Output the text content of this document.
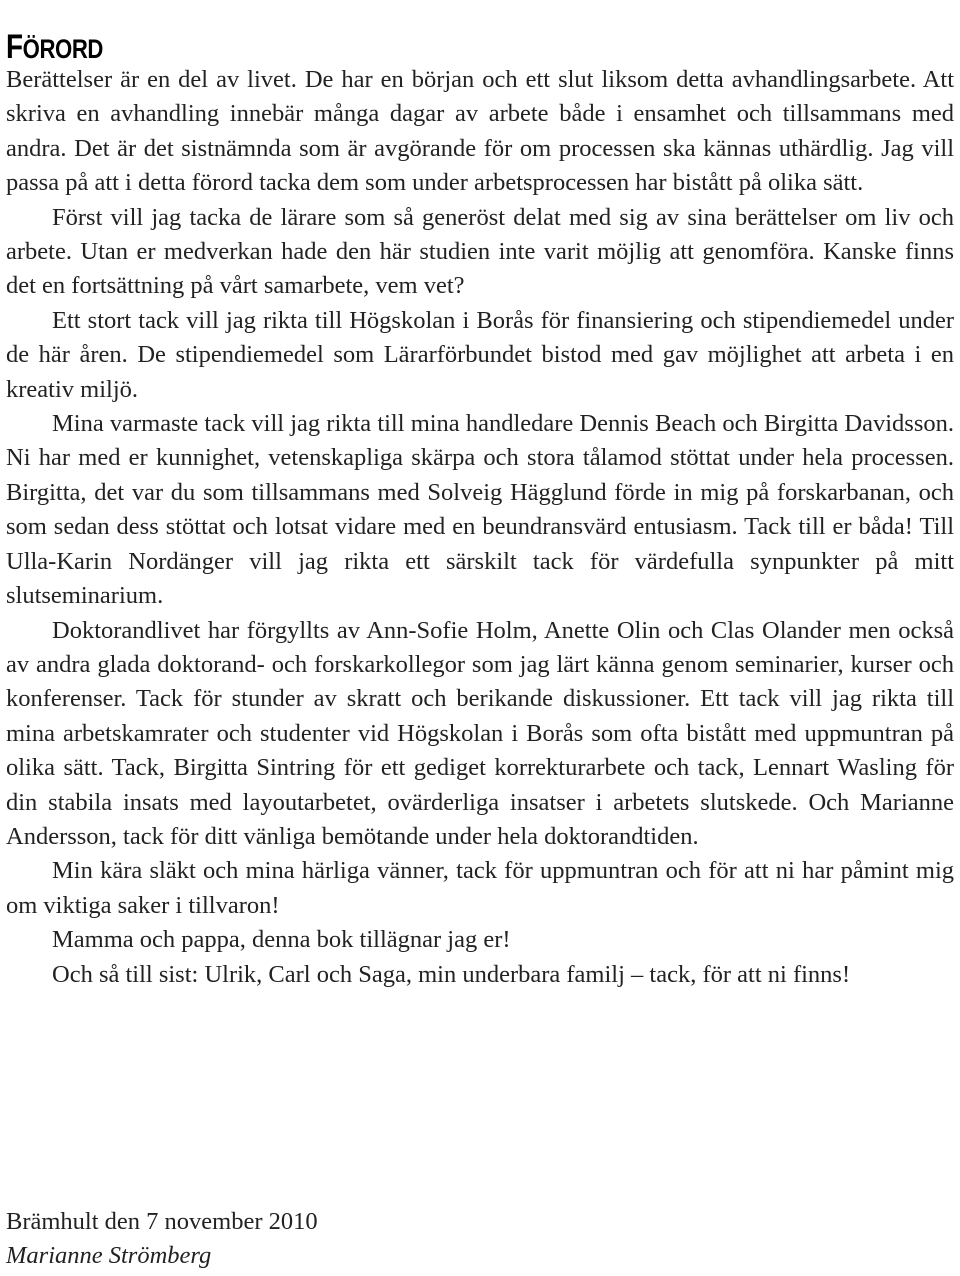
FÖRORD

Berättelser är en del av livet. De har en början och ett slut liksom detta avhandlingsarbete. Att skriva en avhandling innebär många dagar av arbete både i ensamhet och tillsammans med andra. Det är det sistnämnda som är avgörande för om processen ska kännas uthärdlig. Jag vill passa på att i detta förord tacka dem som under arbetsprocessen har bistått på olika sätt.

Först vill jag tacka de lärare som så generöst delat med sig av sina berättelser om liv och arbete. Utan er medverkan hade den här studien inte varit möjlig att genomföra. Kanske finns det en fortsättning på vårt samarbete, vem vet?

Ett stort tack vill jag rikta till Högskolan i Borås för finansiering och stipendiemedel under de här åren. De stipendiemedel som Lärarförbundet bistod med gav möjlighet att arbeta i en kreativ miljö.

Mina varmaste tack vill jag rikta till mina handledare Dennis Beach och Birgitta Davidsson. Ni har med er kunnighet, vetenskapliga skärpa och stora tålamod stöttat under hela processen. Birgitta, det var du som tillsammans med Solveig Hägglund förde in mig på forskarbanan, och som sedan dess stöttat och lotsat vidare med en beundransvärd entusiasm. Tack till er båda! Till Ulla-Karin Nordänger vill jag rikta ett särskilt tack för värdefulla synpunkter på mitt slutseminarium.

Doktorandlivet har förgyllts av Ann-Sofie Holm, Anette Olin och Clas Olander men också av andra glada doktorand- och forskarkollegor som jag lärt känna genom seminarier, kurser och konferenser. Tack för stunder av skratt och berikande diskussioner. Ett tack vill jag rikta till mina arbetskamrater och studenter vid Högskolan i Borås som ofta bistått med uppmuntran på olika sätt. Tack, Birgitta Sintring för ett gediget korrekturarbete och tack, Lennart Wasling för din stabila insats med layoutarbetet, ovärderliga insatser i arbetets slutskede. Och Marianne Andersson, tack för ditt vänliga bemötande under hela doktorandtiden.

Min kära släkt och mina härliga vänner, tack för uppmuntran och för att ni har påmint mig om viktiga saker i tillvaron!

Mamma och pappa, denna bok tillägnar jag er!

Och så till sist: Ulrik, Carl och Saga, min underbara familj – tack, för att ni finns!

Brämhult den 7 november 2010
Marianne Strömberg
